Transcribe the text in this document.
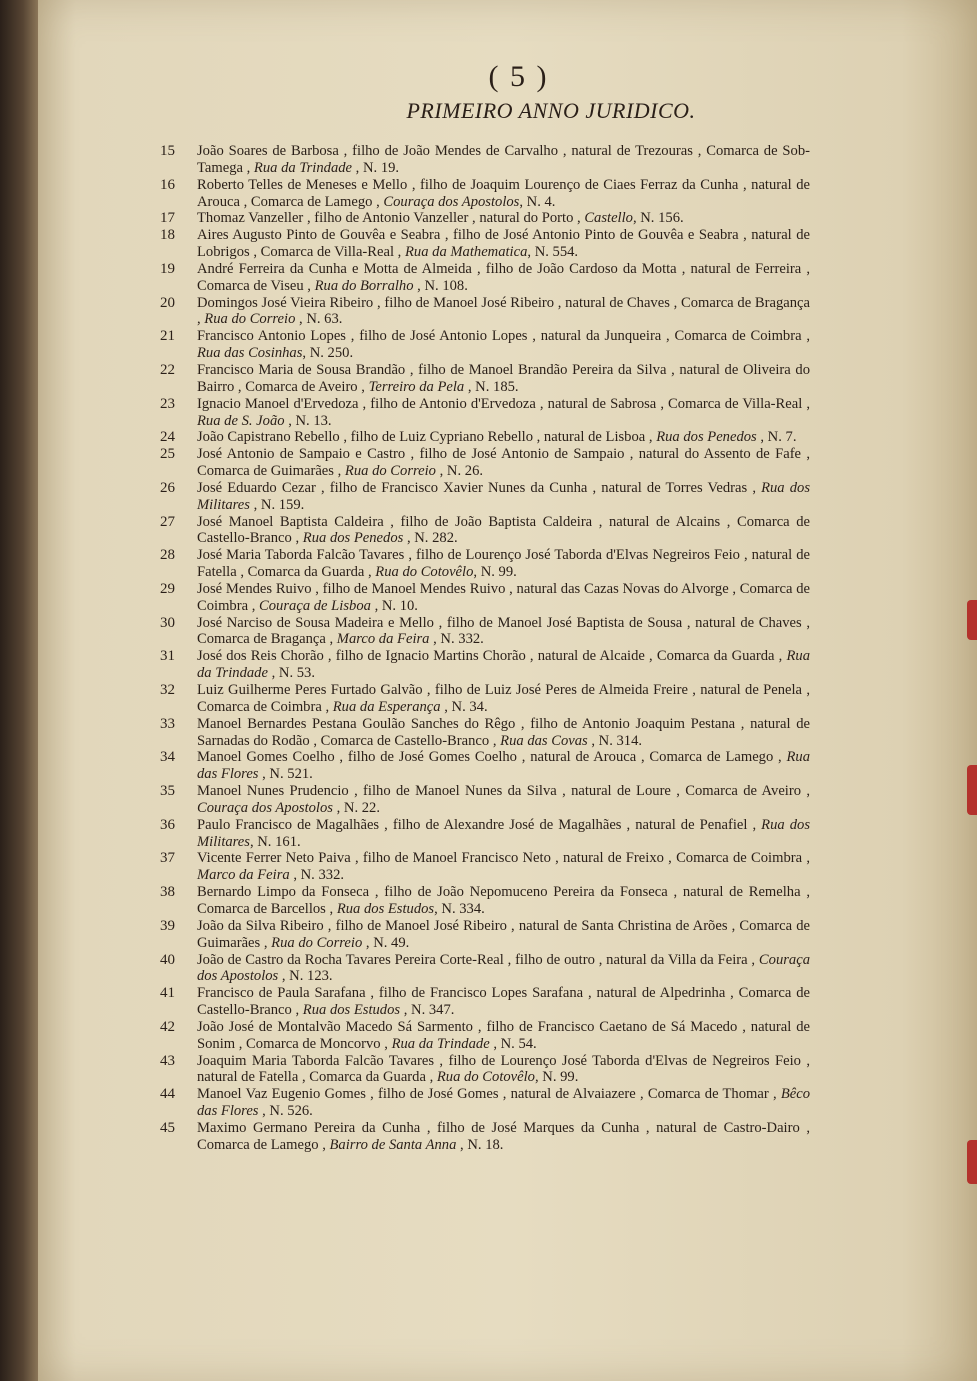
( 5 )
PRIMEIRO ANNO JURIDICO.
15	João Soares de Barbosa , filho de João Mendes de Carvalho , natural de Trezouras , Comarca de Sob-Tamega , Rua da Trindade , N. 19.
16	Roberto Telles de Meneses e Mello , filho de Joaquim Lourenço de Ciaes Ferraz da Cunha , natural de Arouca , Comarca de Lamego , Couraça dos Apostolos, N. 4.
17	Thomaz Vanzeller , filho de Antonio Vanzeller , natural do Porto , Castello, N. 156.
18	Aires Augusto Pinto de Gouvêa e Seabra , filho de José Antonio Pinto de Gouvêa e Seabra , natural de Lobrigos , Comarca de Villa-Real , Rua da Mathematica, N. 554.
19	André Ferreira da Cunha e Motta de Almeida , filho de João Cardoso da Motta , natural de Ferreira , Comarca de Viseu , Rua do Borralho , N. 108.
20	Domingos José Vieira Ribeiro , filho de Manoel José Ribeiro , natural de Chaves , Comarca de Bragança , Rua do Correio , N. 63.
21	Francisco Antonio Lopes , filho de José Antonio Lopes , natural da Junqueira , Comarca de Coimbra , Rua das Cosinhas, N. 250.
22	Francisco Maria de Sousa Brandão , filho de Manoel Brandão Pereira da Silva , natural de Oliveira do Bairro , Comarca de Aveiro , Terreiro da Pela , N. 185.
23	Ignacio Manoel d'Ervedoza , filho de Antonio d'Ervedoza , natural de Sabrosa , Comarca de Villa-Real , Rua de S. João , N. 13.
24	João Capistrano Rebello , filho de Luiz Cypriano Rebello , natural de Lisboa , Rua dos Penedos , N. 7.
25	José Antonio de Sampaio e Castro , filho de José Antonio de Sampaio , natural do Assento de Fafe , Comarca de Guimarães , Rua do Correio , N. 26.
26	José Eduardo Cezar , filho de Francisco Xavier Nunes da Cunha , natural de Torres Vedras , Rua dos Militares , N. 159.
27	José Manoel Baptista Caldeira , filho de João Baptista Caldeira , natural de Alcains , Comarca de Castello-Branco , Rua dos Penedos , N. 282.
28	José Maria Taborda Falcão Tavares , filho de Lourenço José Taborda d'Elvas Negreiros Feio , natural de Fatella , Comarca da Guarda , Rua do Cotovêlo, N. 99.
29	José Mendes Ruivo , filho de Manoel Mendes Ruivo , natural das Cazas Novas do Alvorge , Comarca de Coimbra , Couraça de Lisboa , N. 10.
30	José Narciso de Sousa Madeira e Mello , filho de Manoel José Baptista de Sousa , natural de Chaves , Comarca de Bragança , Marco da Feira , N. 332.
31	José dos Reis Chorão , filho de Ignacio Martins Chorão , natural de Alcaide , Comarca da Guarda , Rua da Trindade , N. 53.
32	Luiz Guilherme Peres Furtado Galvão , filho de Luiz José Peres de Almeida Freire , natural de Penela , Comarca de Coimbra , Rua da Esperança , N. 34.
33	Manoel Bernardes Pestana Goulão Sanches do Rêgo , filho de Antonio Joaquim Pestana , natural de Sarnadas do Rodão , Comarca de Castello-Branco , Rua das Covas , N. 314.
34	Manoel Gomes Coelho , filho de José Gomes Coelho , natural de Arouca , Comarca de Lamego , Rua das Flores , N. 521.
35	Manoel Nunes Prudencio , filho de Manoel Nunes da Silva , natural de Loure , Comarca de Aveiro , Couraça dos Apostolos , N. 22.
36	Paulo Francisco de Magalhães , filho de Alexandre José de Magalhães , natural de Penafiel , Rua dos Militares, N. 161.
37	Vicente Ferrer Neto Paiva , filho de Manoel Francisco Neto , natural de Freixo , Comarca de Coimbra , Marco da Feira , N. 332.
38	Bernardo Limpo da Fonseca , filho de João Nepomuceno Pereira da Fonseca , natural de Remelha , Comarca de Barcellos , Rua dos Estudos, N. 334.
39	João da Silva Ribeiro , filho de Manoel José Ribeiro , natural de Santa Christina de Arões , Comarca de Guimarães , Rua do Correio , N. 49.
40	João de Castro da Rocha Tavares Pereira Corte-Real , filho de outro , natural da Villa da Feira , Couraça dos Apostolos , N. 123.
41	Francisco de Paula Sarafana , filho de Francisco Lopes Sarafana , natural de Alpedrinha , Comarca de Castello-Branco , Rua dos Estudos , N. 347.
42	João José de Montalvão Macedo Sá Sarmento , filho de Francisco Caetano de Sá Macedo , natural de Sonim , Comarca de Moncorvo , Rua da Trindade , N. 54.
43	Joaquim Maria Taborda Falcão Tavares , filho de Lourenço José Taborda d'Elvas de Negreiros Feio , natural de Fatella , Comarca da Guarda , Rua do Cotovêlo, N. 99.
44	Manoel Vaz Eugenio Gomes , filho de José Gomes , natural de Alvaiazere , Comarca de Thomar , Bêco das Flores , N. 526.
45	Maximo Germano Pereira da Cunha , filho de José Marques da Cunha , natural de Castro-Dairo , Comarca de Lamego , Bairro de Santa Anna , N. 18.
